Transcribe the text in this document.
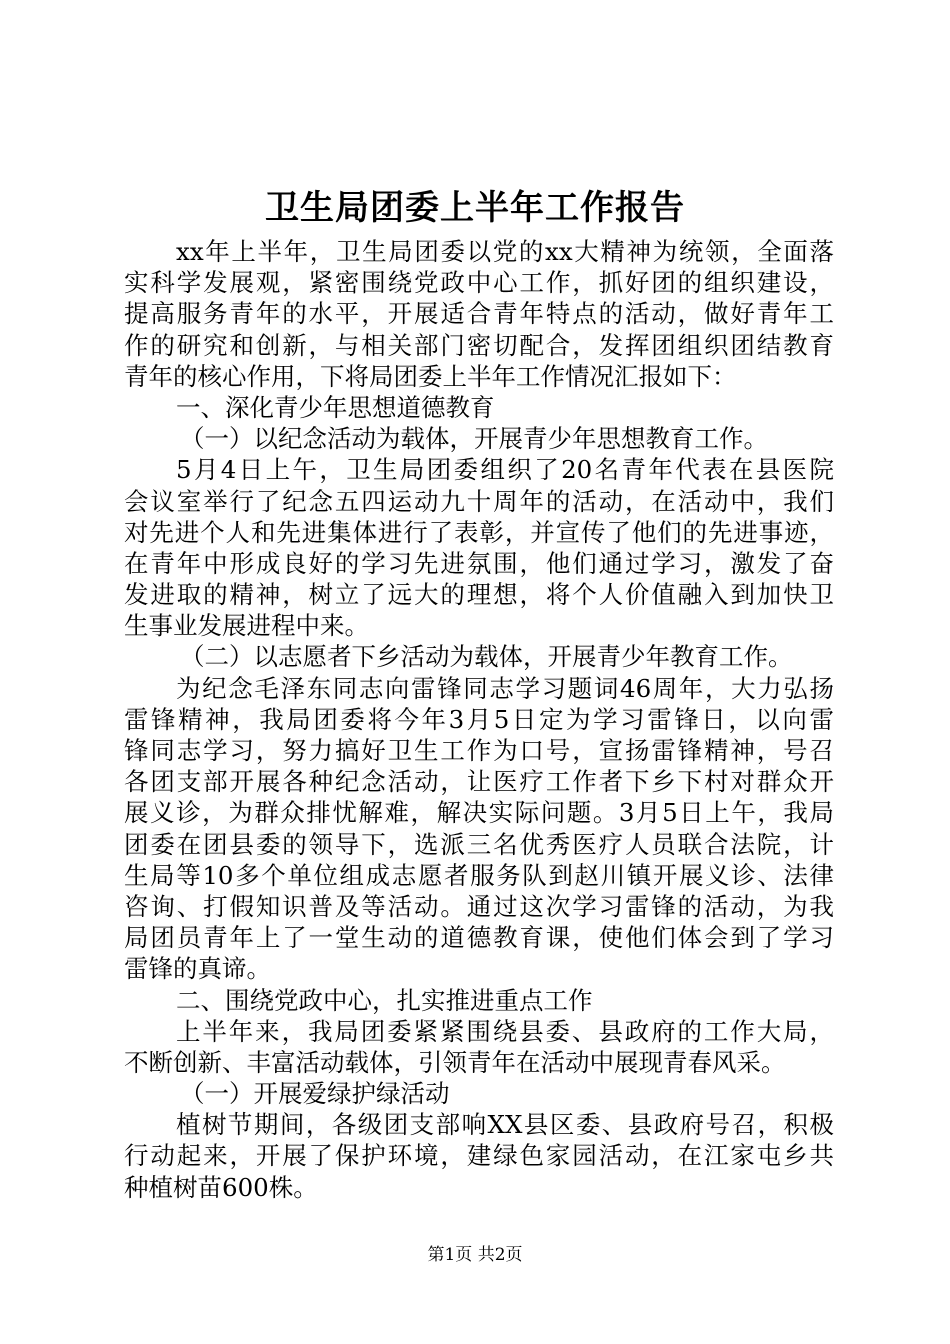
卫生局团委上半年工作报告
xx年上半年，卫生局团委以党的xx大精神为统领，全面落
实科学发展观，紧密围绕党政中心工作，抓好团的组织建设，
提高服务青年的水平，开展适合青年特点的活动，做好青年工
作的研究和创新，与相关部门密切配合，发挥团组织团结教育
青年的核心作用，下将局团委上半年工作情况汇报如下：
一、深化青少年思想道德教育
（一）以纪念活动为载体，开展青少年思想教育工作。
5月4日上午，卫生局团委组织了20名青年代表在县医院
会议室举行了纪念五四运动九十周年的活动，在活动中，我们
对先进个人和先进集体进行了表彰，并宣传了他们的先进事迹，
在青年中形成良好的学习先进氛围，他们通过学习，激发了奋
发进取的精神，树立了远大的理想，将个人价值融入到加快卫
生事业发展进程中来。
（二）以志愿者下乡活动为载体，开展青少年教育工作。
为纪念毛泽东同志向雷锋同志学习题词46周年，大力弘扬
雷锋精神，我局团委将今年3月5日定为学习雷锋日，以向雷
锋同志学习，努力搞好卫生工作为口号，宣扬雷锋精神，号召
各团支部开展各种纪念活动，让医疗工作者下乡下村对群众开
展义诊，为群众排忧解难，解决实际问题。3月5日上午，我局
团委在团县委的领导下，选派三名优秀医疗人员联合法院，计
生局等10多个单位组成志愿者服务队到赵川镇开展义诊、法律
咨询、打假知识普及等活动。通过这次学习雷锋的活动，为我
局团员青年上了一堂生动的道德教育课，使他们体会到了学习
雷锋的真谛。
二、围绕党政中心，扎实推进重点工作
上半年来，我局团委紧紧围绕县委、县政府的工作大局，
不断创新、丰富活动载体，引领青年在活动中展现青春风采。
（一）开展爱绿护绿活动
植树节期间，各级团支部响XX县区委、县政府号召，积极
行动起来，开展了保护环境，建绿色家园活动，在江家屯乡共
种植树苗600株。
第1页 共2页
